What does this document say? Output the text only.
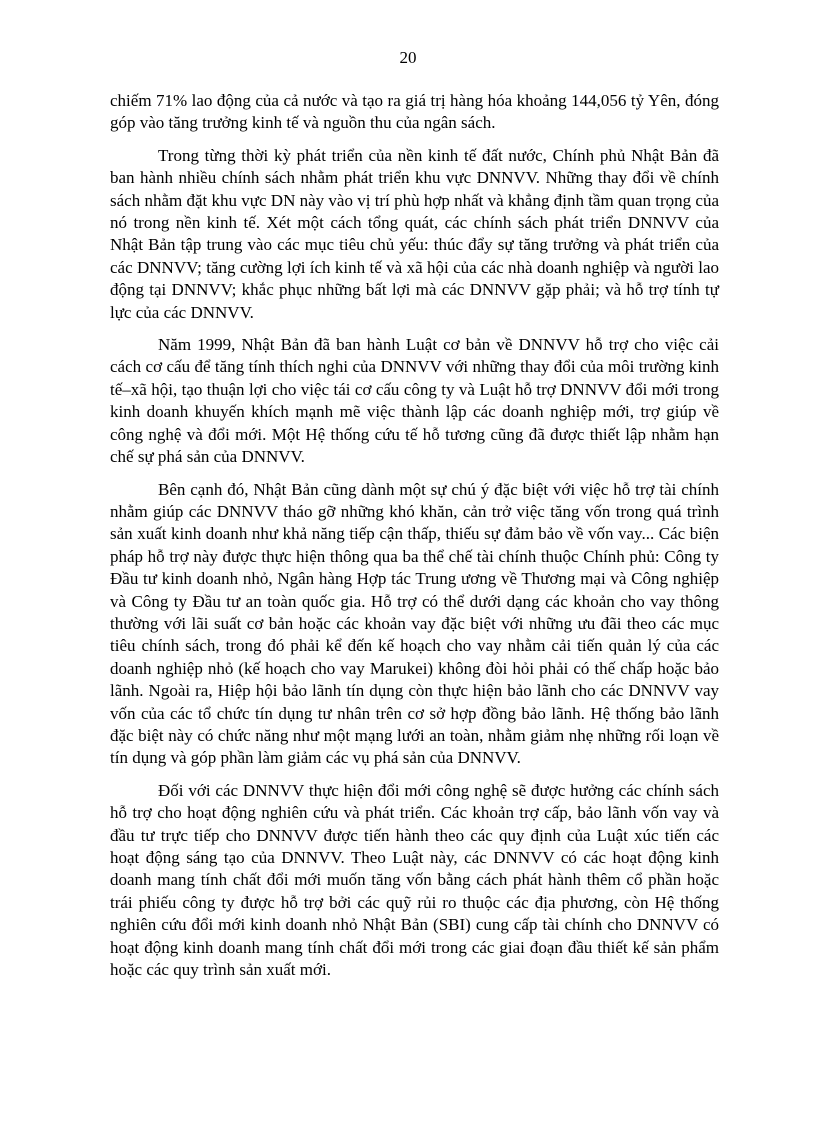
20

chiếm 71% lao động của cả nước và tạo ra giá trị hàng hóa khoảng 144,056 tỷ Yên, đóng góp vào tăng trưởng kinh tế và nguồn thu của ngân sách.

Trong từng thời kỳ phát triển của nền kinh tế đất nước, Chính phủ Nhật Bản đã ban hành nhiều chính sách nhằm phát triển khu vực DNNVV. Những thay đổi về chính sách nhằm đặt khu vực DN này vào vị trí phù hợp nhất và khẳng định tầm quan trọng của nó trong nền kinh tế. Xét một cách tổng quát, các chính sách phát triển DNNVV của Nhật Bản tập trung vào các mục tiêu chủ yếu: thúc đẩy sự tăng trưởng và phát triển của các DNNVV; tăng cường lợi ích kinh tế và xã hội của các nhà doanh nghiệp và người lao động tại DNNVV; khắc phục những bất lợi mà các DNNVV gặp phải; và hỗ trợ tính tự lực của các DNNVV.

Năm 1999, Nhật Bản đã ban hành Luật cơ bản về DNNVV hỗ trợ cho việc cải cách cơ cấu để tăng tính thích nghi của DNNVV với những thay đổi của môi trường kinh tế–xã hội, tạo thuận lợi cho việc tái cơ cấu công ty và Luật hỗ trợ DNNVV đổi mới trong kinh doanh khuyến khích mạnh mẽ việc thành lập các doanh nghiệp mới, trợ giúp về công nghệ và đổi mới. Một Hệ thống cứu tế hỗ tương cũng đã được thiết lập nhằm hạn chế sự phá sản của DNNVV.

Bên cạnh đó, Nhật Bản cũng dành một sự chú ý đặc biệt với việc hỗ trợ tài chính nhằm giúp các DNNVV tháo gỡ những khó khăn, cản trở việc tăng vốn trong quá trình sản xuất kinh doanh như khả năng tiếp cận thấp, thiếu sự đảm bảo về vốn vay... Các biện pháp hỗ trợ này được thực hiện thông qua ba thể chế tài chính thuộc Chính phủ: Công ty Đầu tư kinh doanh nhỏ, Ngân hàng Hợp tác Trung ương về Thương mại và Công nghiệp và Công ty Đầu tư an toàn quốc gia. Hỗ trợ có thể dưới dạng các khoản cho vay thông thường với lãi suất cơ bản hoặc các khoản vay đặc biệt với những ưu đãi theo các mục tiêu chính sách, trong đó phải kể đến kế hoạch cho vay nhằm cải tiến quản lý của các doanh nghiệp nhỏ (kế hoạch cho vay Marukei) không đòi hỏi phải có thế chấp hoặc bảo lãnh. Ngoài ra, Hiệp hội bảo lãnh tín dụng còn thực hiện bảo lãnh cho các DNNVV vay vốn của các tổ chức tín dụng tư nhân trên cơ sở hợp đồng bảo lãnh. Hệ thống bảo lãnh đặc biệt này có chức năng như một mạng lưới an toàn, nhằm giảm nhẹ những rối loạn về tín dụng và góp phần làm giảm các vụ phá sản của DNNVV.

Đối với các DNNVV thực hiện đổi mới công nghệ sẽ được hưởng các chính sách hỗ trợ cho hoạt động nghiên cứu và phát triển. Các khoản trợ cấp, bảo lãnh vốn vay và đầu tư trực tiếp cho DNNVV được tiến hành theo các quy định của Luật xúc tiến các hoạt động sáng tạo của DNNVV. Theo Luật này, các DNNVV có các hoạt động kinh doanh mang tính chất đổi mới muốn tăng vốn bằng cách phát hành thêm cổ phần hoặc trái phiếu công ty được hỗ trợ bởi các quỹ rủi ro thuộc các địa phương, còn Hệ thống nghiên cứu đổi mới kinh doanh nhỏ Nhật Bản (SBI) cung cấp tài chính cho DNNVV có hoạt động kinh doanh mang tính chất đổi mới trong các giai đoạn đầu thiết kế sản phẩm hoặc các quy trình sản xuất mới.
